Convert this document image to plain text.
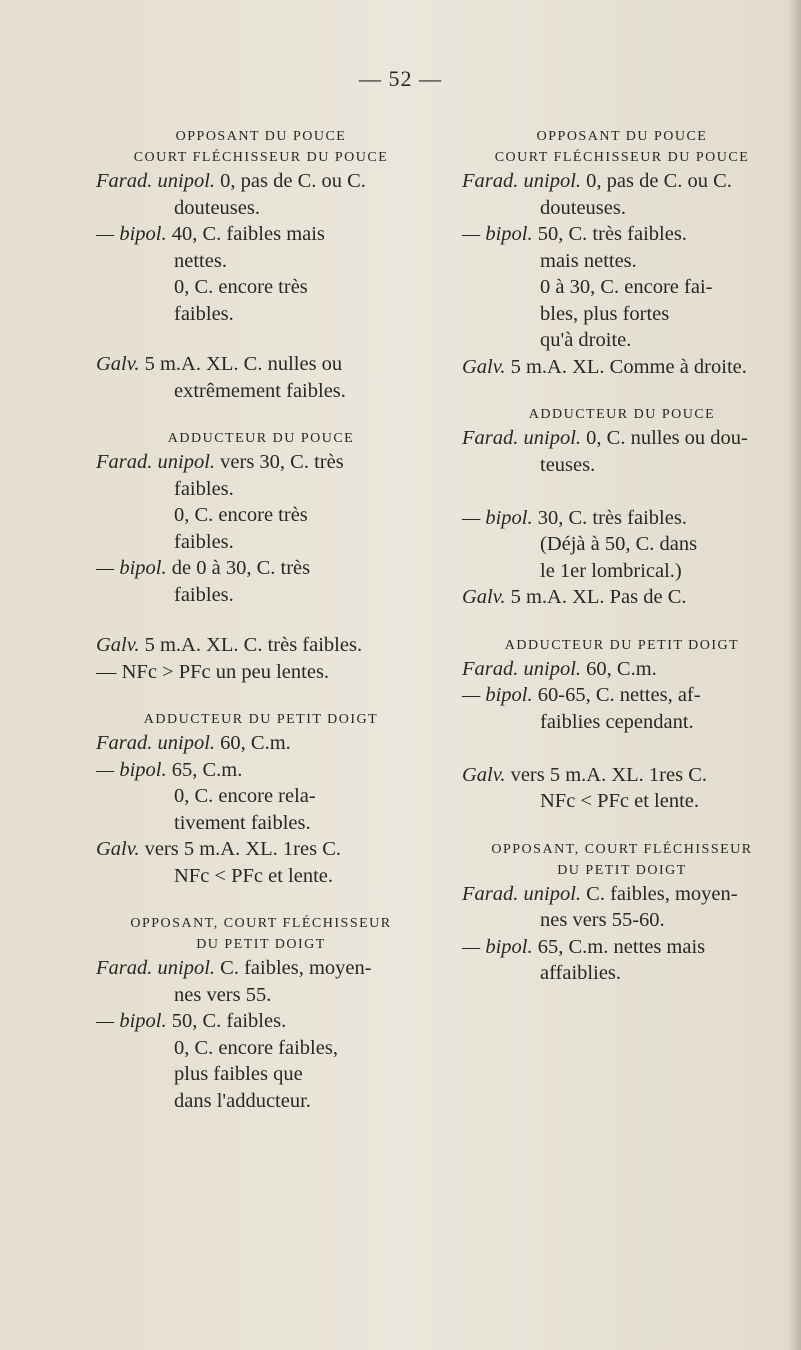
— 52 —
OPPOSANT DU POUCE
COURT FLÉCHISSEUR DU POUCE

Farad. unipol. 0, pas de C. ou C.

douteuses.

— bipol. 40, C. faibles mais

nettes.

0, C. encore très

faibles.

Galv. 5 m.A. XL. C. nulles ou

extrêmement faibles.

ADDUCTEUR DU POUCE

Farad. unipol. vers 30, C. très

faibles.

0, C. encore très

faibles.

— bipol. de 0 à 30, C. très

faibles.

Galv. 5 m.A. XL. C. très faibles.

— NFc > PFc un peu lentes.

ADDUCTEUR DU PETIT DOIGT

Farad. unipol. 60, C.m.

— bipol. 65, C.m.

0, C. encore rela-

tivement faibles.

Galv. vers 5 m.A. XL. 1res C.

NFc < PFc et lente.

OPPOSANT, COURT FLÉCHISSEUR
DU PETIT DOIGT

Farad. unipol. C. faibles, moyen-

nes vers 55.

— bipol. 50, C. faibles.

0, C. encore faibles,

plus faibles que

dans l'adducteur.

OPPOSANT DU POUCE
COURT FLÉCHISSEUR DU POUCE

Farad. unipol. 0, pas de C. ou C.

douteuses.

— bipol. 50, C. très faibles.

mais nettes.

0 à 30, C. encore fai-

bles, plus fortes

qu'à droite.

Galv. 5 m.A. XL. Comme à droite.

ADDUCTEUR DU POUCE

Farad. unipol. 0, C. nulles ou dou-

teuses.

— bipol. 30, C. très faibles.

(Déjà à 50, C. dans

le 1er lombrical.)

Galv. 5 m.A. XL. Pas de C.

ADDUCTEUR DU PETIT DOIGT

Farad. unipol. 60, C.m.

— bipol. 60-65, C. nettes, af-

faiblies cependant.

Galv. vers 5 m.A. XL. 1res C.

NFc < PFc et lente.

OPPOSANT, COURT FLÉCHISSEUR
DU PETIT DOIGT

Farad. unipol. C. faibles, moyen-

nes vers 55-60.

— bipol. 65, C.m. nettes mais

affaiblies.
